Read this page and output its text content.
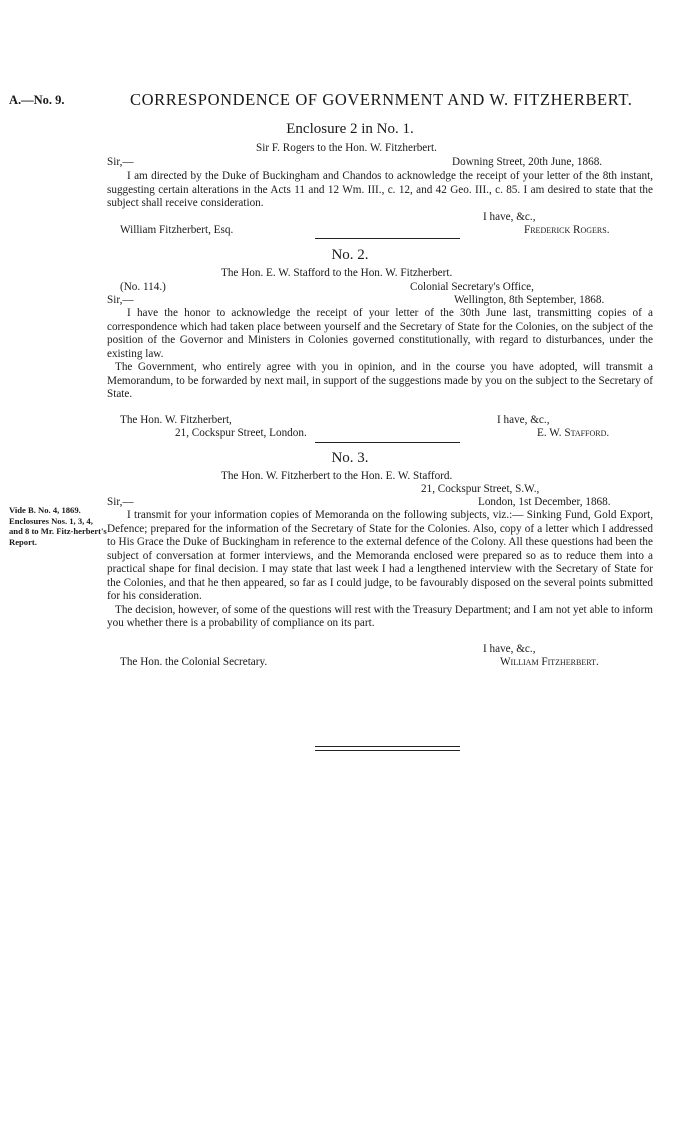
A.—No. 9.	CORRESPONDENCE OF GOVERNMENT AND W. FITZHERBERT.
Enclosure 2 in No. 1.
Sir F. Rogers to the Hon. W. Fitzherbert.
Sir,—	Downing Street, 20th June, 1868.

I am directed by the Duke of Buckingham and Chandos to acknowledge the receipt of your letter of the 8th instant, suggesting certain alterations in the Acts 11 and 12 Wm. III., c. 12, and 42 Geo. III., c. 85. I am desired to state that the subject shall receive consideration.

I have, &c.,
William Fitzherbert, Esq.	Frederick Rogers.
No. 2.
The Hon. E. W. Stafford to the Hon. W. Fitzherbert.
(No. 114.)	Colonial Secretary's Office,
Sir,—	Wellington, 8th September, 1868.

I have the honor to acknowledge the receipt of your letter of the 30th June last, transmitting copies of a correspondence which had taken place between yourself and the Secretary of State for the Colonies, on the subject of the position of the Governor and Ministers in Colonies governed constitutionally, with regard to disturbances, under the existing law.

The Government, who entirely agree with you in opinion, and in the course you have adopted, will transmit a Memorandum, to be forwarded by next mail, in support of the suggestions made by you on the subject to the Secretary of State.

The Hon. W. Fitzherbert,	I have, &c.,
21, Cockspur Street, London.	E. W. Stafford.
No. 3.
The Hon. W. Fitzherbert to the Hon. E. W. Stafford.
21, Cockspur Street, S.W.,
Sir,—	London, 1st December, 1868.
Vide B. No. 4, 1869. Enclosures Nos. 1, 3, 4, and 8 to Mr. Fitz-herbert's Report.

I transmit for your information copies of Memoranda on the following subjects, viz.:— Sinking Fund, Gold Export, Defence; prepared for the information of the Secretary of State for the Colonies. Also, copy of a letter which I addressed to His Grace the Duke of Buckingham in reference to the external defence of the Colony. All these questions had been the subject of conversation at former interviews, and the Memoranda enclosed were prepared so as to reduce them into a practical shape for final decision. I may state that last week I had a lengthened interview with the Secretary of State for the Colonies, and that he then appeared, so far as I could judge, to be favourably disposed on the several points submitted for his consideration.

The decision, however, of some of the questions will rest with the Treasury Department; and I am not yet able to inform you whether there is a probability of compliance on its part.

I have, &c.,
The Hon. the Colonial Secretary.	William Fitzherbert.
